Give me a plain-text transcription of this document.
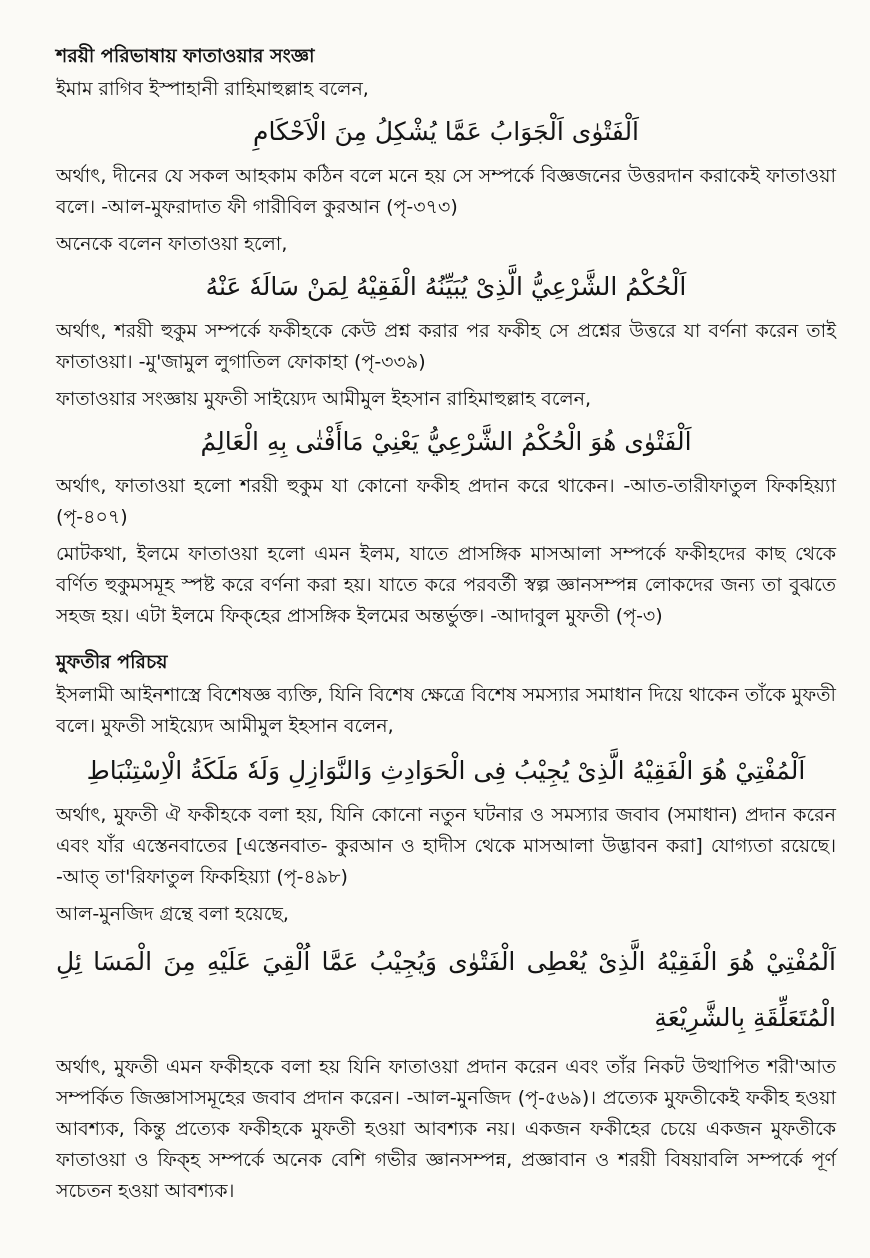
শরয়ী পরিভাষায় ফাতাওয়ার সংজ্ঞা
ইমাম রাগিব ইস্পাহানী রাহিমাহুল্লাহ বলেন,
اَلْفَتْوٰى اَلْجَوَابُ عَمَّا يُشْكِلُ مِنَ الْاَحْكَامِ
অর্থাৎ, দীনের যে সকল আহকাম কঠিন বলে মনে হয় সে সম্পর্কে বিজ্ঞজনের উত্তরদান করাকেই ফাতাওয়া বলে। -আল-মুফরাদাত ফী গারীবিল কুরআন (পৃ-৩৭৩)
অনেকে বলেন ফাতাওয়া হলো,
اَلْحُكْمُ الشَّرْعِيُّ الَّذِىْ يُبَيِّنُهُ الْفَقِيْهُ لِمَنْ سَالَهٗ عَنْهُ
অর্থাৎ, শরয়ী হুকুম সম্পর্কে ফকীহকে কেউ প্রশ্ন করার পর ফকীহ সে প্রশ্নের উত্তরে যা বর্ণনা করেন তাই ফাতাওয়া। -মু'জামুল লুগাতিল ফোকাহা (পৃ-৩৩৯)
ফাতাওয়ার সংজ্ঞায় মুফতী সাইয়্যেদ আমীমুল ইহসান রাহিমাহুল্লাহ বলেন,
اَلْفَتْوٰى هُوَ الْحُكْمُ الشَّرْعِيُّ يَعْنِيْ مَاأَفْتٰى بِهِ الْعَالِمُ
অর্থাৎ, ফাতাওয়া হলো শরয়ী হুকুম যা কোনো ফকীহ প্রদান করে থাকেন। -আত-তারীফাতুল ফিকহিয়্যা (পৃ-৪০৭)
মোটকথা, ইলমে ফাতাওয়া হলো এমন ইলম, যাতে প্রাসঙ্গিক মাসআলা সম্পর্কে ফকীহদের কাছ থেকে বর্ণিত হুকুমসমূহ স্পষ্ট করে বর্ণনা করা হয়। যাতে করে পরবর্তী স্বল্প জ্ঞানসম্পন্ন লোকদের জন্য তা বুঝতে সহজ হয়। এটা ইলমে ফিক্‌হের প্রাসঙ্গিক ইলমের অন্তর্ভুক্ত। -আদাবুল মুফতী (পৃ-৩)
মুফতীর পরিচয়
ইসলামী আইনশাস্ত্রে বিশেষজ্ঞ ব্যক্তি, যিনি বিশেষ ক্ষেত্রে বিশেষ সমস্যার সমাধান দিয়ে থাকেন তাঁকে মুফতী বলে। মুফতী সাইয়্যেদ আমীমুল ইহসান বলেন,
اَلْمُفْتِيْ هُوَ الْفَقِيْهُ الَّذِىْ يُجِيْبُ فِى الْحَوَادِثِ وَالنَّوَازِلِ وَلَهٗ مَلَكَةُ الْاِسْتِنْبَاطِ
অর্থাৎ, মুফতী ঐ ফকীহকে বলা হয়, যিনি কোনো নতুন ঘটনার ও সমস্যার জবাব (সমাধান) প্রদান করেন এবং যাঁর এস্তেনবাতের [এস্তেনবাত- কুরআন ও হাদীস থেকে মাসআলা উদ্ভাবন করা] যোগ্যতা রয়েছে। -আত্‌ তা'রিফাতুল ফিকহিয়্যা (পৃ-৪৯৮)
আল-মুনজিদ গ্রন্থে বলা হয়েছে,
اَلْمُفْتِيْ هُوَ الْفَقِيْهُ الَّذِىْ يُعْطِى الْفَتْوٰى وَيُجِيْبُ عَمَّا اُلْقِيَ عَلَيْهِ مِنَ الْمَسَا ئِلِ الْمُتَعَلِّقَةِ بِالشَّرِيْعَةِ
অর্থাৎ, মুফতী এমন ফকীহকে বলা হয় যিনি ফাতাওয়া প্রদান করেন এবং তাঁর নিকট উত্থাপিত শরী'আত সম্পর্কিত জিজ্ঞাসাসমূহের জবাব প্রদান করেন। -আল-মুনজিদ (পৃ-৫৬৯)। প্রত্যেক মুফতীকেই ফকীহ হওয়া আবশ্যক, কিন্তু প্রত্যেক ফকীহকে মুফতী হওয়া আবশ্যক নয়। একজন ফকীহের চেয়ে একজন মুফতীকে ফাতাওয়া ও ফিক্‌হ সম্পর্কে অনেক বেশি গভীর জ্ঞানসম্পন্ন, প্রজ্ঞাবান ও শরয়ী বিষয়াবলি সম্পর্কে পূর্ণ সচেতন হওয়া আবশ্যক।
